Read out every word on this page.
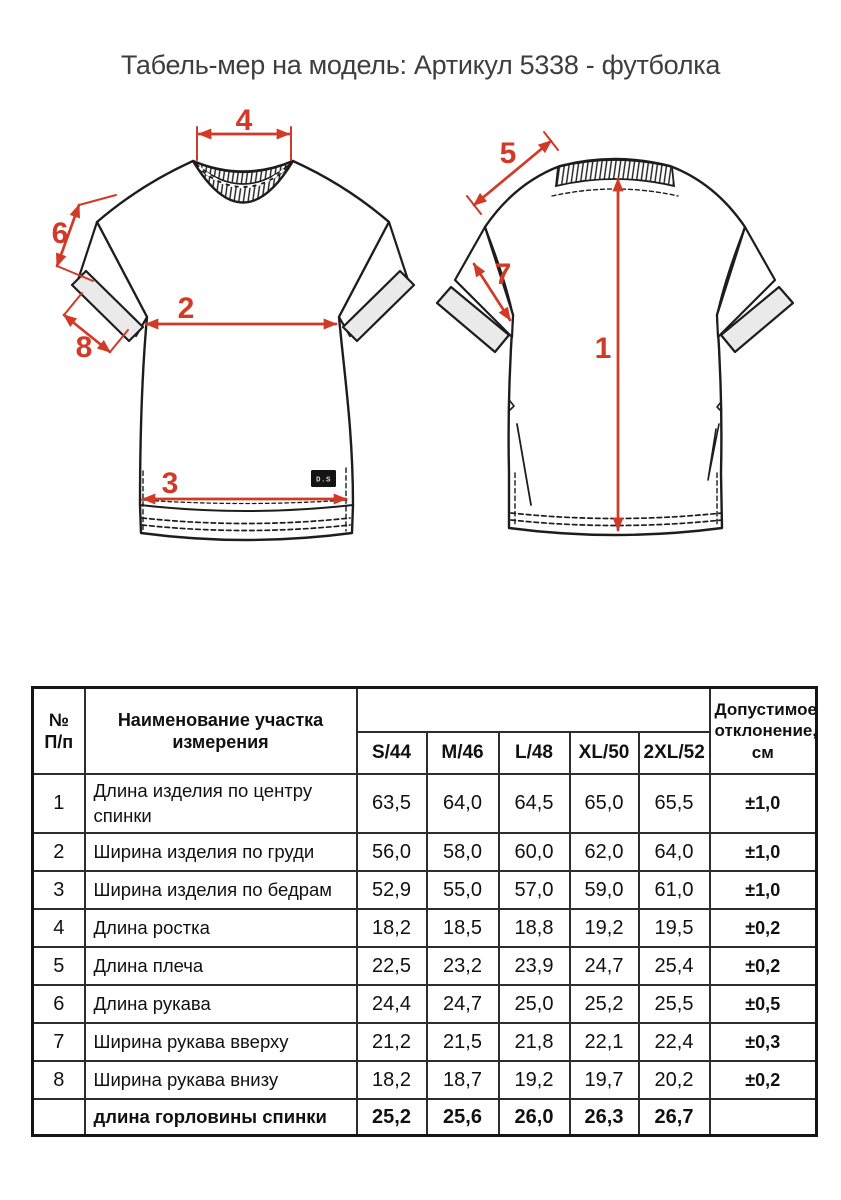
Табель-мер на модель: Артикул 5338 - футболка
D.S
4
6
8
2
3
5
7
1
№
П/п	Наименование участка измерения						Допустимое отклонение, см
		S/44	M/46	L/48	XL/50	2XL/52	
1	Длина изделия по центру спинки	63,5	64,0	64,5	65,0	65,5	±1,0
2	Ширина изделия по груди	56,0	58,0	60,0	62,0	64,0	±1,0
3	Ширина изделия по бедрам	52,9	55,0	57,0	59,0	61,0	±1,0
4	Длина ростка	18,2	18,5	18,8	19,2	19,5	±0,2
5	Длина плеча	22,5	23,2	23,9	24,7	25,4	±0,2
6	Длина рукава	24,4	24,7	25,0	25,2	25,5	±0,5
7	Ширина рукава вверху	21,2	21,5	21,8	22,1	22,4	±0,3
8	Ширина рукава внизу	18,2	18,7	19,2	19,7	20,2	±0,2
	длина горловины спинки	25,2	25,6	26,0	26,3	26,7	
